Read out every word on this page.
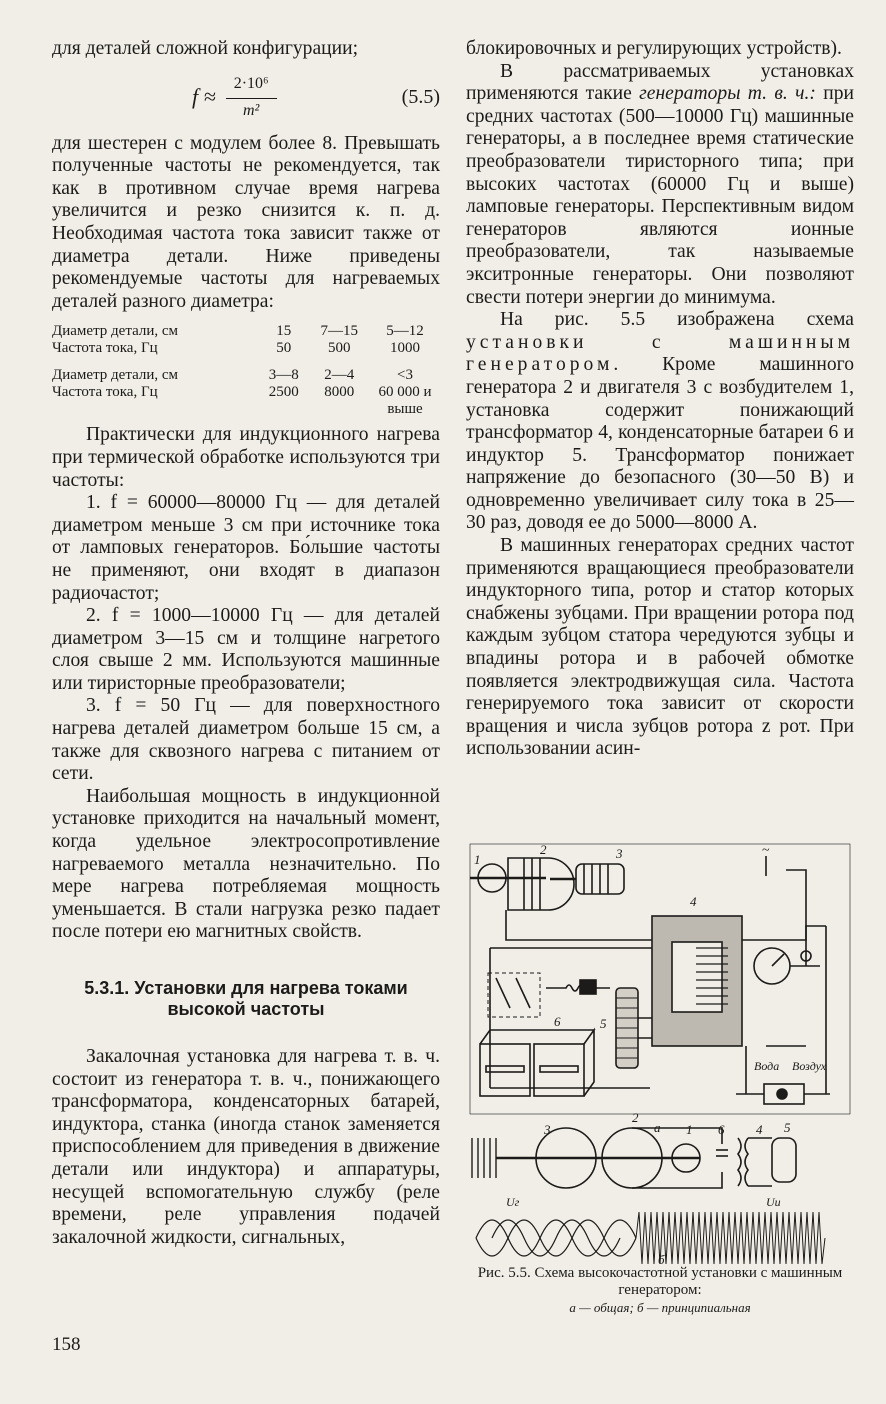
для деталей сложной конфигурации;

$f \approx \frac{\text{2·10⁶}}{\text{m²}}$	(5.5)

для шестерен с модулем более 8. Превышать полученные частоты не рекомендуется, так как в противном случае время нагрева увеличится и резко снизится к. п. д. Необходимая частота тока зависит также от диаметра детали. Ниже приведены рекомендуемые частоты для нагреваемых деталей разного диаметра:

Диаметр детали, см	15	7—15	5—12
Частота тока, Гц	50	500	1000

Диаметр детали, см	3—8	2—4	<3
Частота тока, Гц	2500	8000	60 000 и выше

Практически для индукционного нагрева при термической обработке используются три частоты:

1. f = 60000—80000 Гц — для деталей диаметром меньше 3 см при источнике тока от ламповых генераторов. Бо́льшие частоты не применяют, они входят в диапазон радиочастот;

2. f = 1000—10000 Гц — для деталей диаметром 3—15 см и толщине нагретого слоя свыше 2 мм. Используются машинные или тиристорные преобразователи;

3. f = 50 Гц — для поверхностного нагрева деталей диаметром больше 15 см, а также для сквозного нагрева с питанием от сети.

Наибольшая мощность в индукционной установке приходится на начальный момент, когда удельное электросопротивление нагреваемого металла незначительно. По мере нагрева потребляемая мощность уменьшается. В стали нагрузка резко падает после потери ею магнитных свойств.

5.3.1. Установки для нагрева токами высокой частоты

Закалочная установка для нагрева т. в. ч. состоит из генератора т. в. ч., понижающего трансформатора, конденсаторных батарей, индуктора, станка (иногда станок заменяется приспособлением для приведения в движение детали или индуктора) и аппаратуры, несущей вспомогательную службу (реле времени, реле управления подачей закалочной жидкости, сигнальных,

блокировочных и регулирующих устройств).

В рассматриваемых установках применяются такие генераторы т. в. ч.: при средних частотах (500—10000 Гц) машинные генераторы, а в последнее время статические преобразователи тиристорного типа; при высоких частотах (60000 Гц и выше) ламповые генераторы. Перспективным видом генераторов являются ионные преобразователи, так называемые экситронные генераторы. Они позволяют свести потери энергии до минимума.

На рис. 5.5 изображена схема установки с машинным генератором. Кроме машинного генератора 2 и двигателя 3 с возбудителем 1, установка содержит понижающий трансформатор 4, конденсаторные батареи 6 и индуктор 5. Трансформатор понижает напряжение до безопасного (30—50 В) и одновременно увеличивает силу тока в 25—30 раз, доводя ее до 5000—8000 А.

В машинных генераторах средних частот применяются вращающиеся преобразователи индукторного типа, ротор и статор которых снабжены зубцами. При вращении ротора под каждым зубцом статора чередуются зубцы и впадины ротора и в рабочей обмотке появляется электродвижущая сила. Частота генерируемого тока зависит от скорости вращения и числа зубцов ротора z рот. При использовании асин-

1
2	3
4
5
6
~
Вода Воздух
а
3
2
1 6 4 5
Uг	Uи
б
Рис. 5.5. Схема высокочастотной установки с машинным генератором:
а — общая; б — принципиальная
158
